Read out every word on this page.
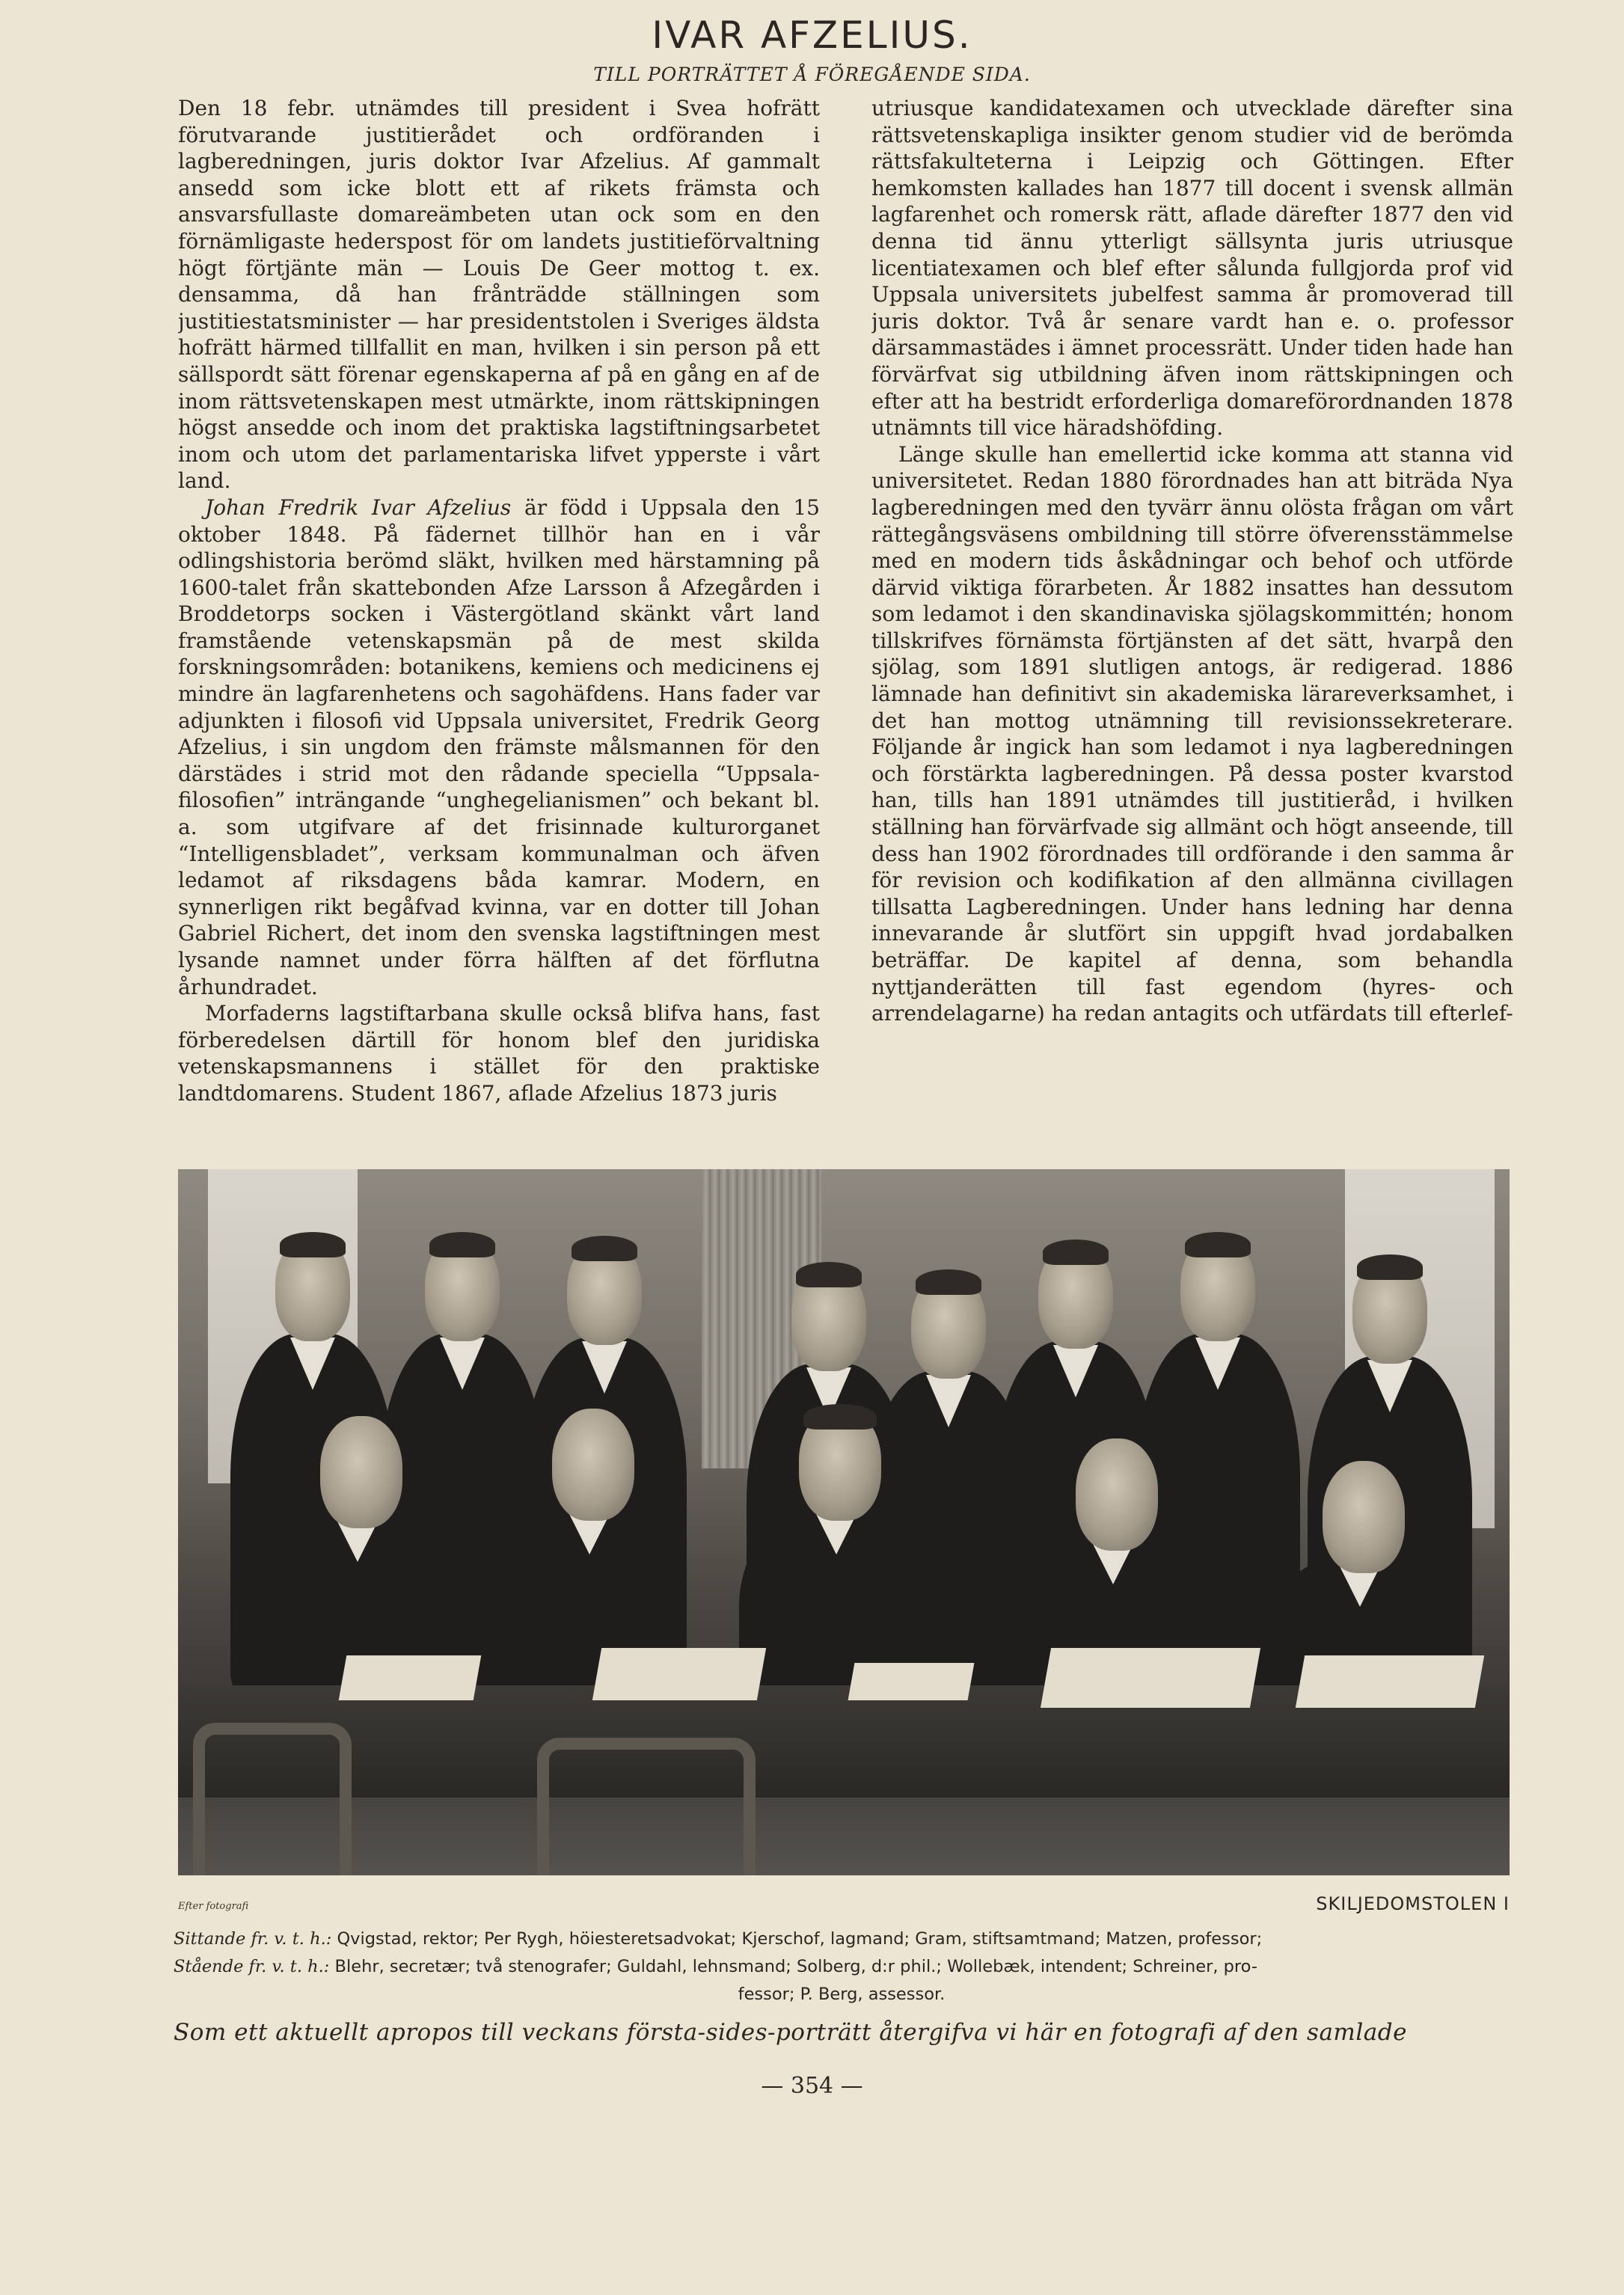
IVAR AFZELIUS.
TILL PORTRÄTTET Å FÖREGÅENDE SIDA.

Den 18 febr. utnämdes till president i Svea hofrätt förutvarande justitierådet och ordföranden i lagberedningen, juris doktor Ivar Afzelius. Af gammalt ansedd som icke blott ett af rikets främsta och ansvarsfullaste domareämbeten utan ock som en den förnämligaste hederspost för om landets justitieförvaltning högt förtjänte män — Louis De Geer mottog t. ex. densamma, då han frånträdde ställningen som justitiestatsminister — har presidentstolen i Sveriges äldsta hofrätt härmed tillfallit en man, hvilken i sin person på ett sällspordt sätt förenar egenskaperna af på en gång en af de inom rättsvetenskapen mest utmärkte, inom rättskipningen högst ansedde och inom det praktiska lagstiftningsarbetet inom och utom det parlamentariska lifvet ypperste i vårt land.

Johan Fredrik Ivar Afzelius är född i Uppsala den 15 oktober 1848. På fädernet tillhör han en i vår odlingshistoria berömd släkt, hvilken med härstamning på 1600-talet från skattebonden Afze Larsson å Afzegården i Broddetorps socken i Västergötland skänkt vårt land framstående vetenskapsmän på de mest skilda forskningsområden: botanikens, kemiens och medicinens ej mindre än lagfarenhetens och sagohäfdens. Hans fader var adjunkten i filosofi vid Uppsala universitet, Fredrik Georg Afzelius, i sin ungdom den främste målsmannen för den därstädes i strid mot den rådande speciella “Uppsala-filosofien” inträngande “unghegelianismen” och bekant bl. a. som utgifvare af det frisinnade kulturorganet “Intelligensbladet”, verksam kommunalman och äfven ledamot af riksdagens båda kamrar. Modern, en synnerligen rikt begåfvad kvinna, var en dotter till Johan Gabriel Richert, det inom den svenska lagstiftningen mest lysande namnet under förra hälften af det förflutna århundradet.

Morfaderns lagstiftarbana skulle också blifva hans, fast förberedelsen därtill för honom blef den juridiska vetenskapsmannens i stället för den praktiske landtdomarens. Student 1867, aflade Afzelius 1873 juris

utriusque kandidatexamen och utvecklade därefter sina rättsvetenskapliga insikter genom studier vid de berömda rättsfakulteterna i Leipzig och Göttingen. Efter hemkomsten kallades han 1877 till docent i svensk allmän lagfarenhet och romersk rätt, aflade därefter 1877 den vid denna tid ännu ytterligt sällsynta juris utriusque licentiatexamen och blef efter sålunda fullgjorda prof vid Uppsala universitets jubelfest samma år promoverad till juris doktor. Två år senare vardt han e. o. professor därsammastädes i ämnet processrätt. Under tiden hade han förvärfvat sig utbildning äfven inom rättskipningen och efter att ha bestridt erforderliga domareförordnanden 1878 utnämnts till vice häradshöfding.

Länge skulle han emellertid icke komma att stanna vid universitetet. Redan 1880 förordnades han att biträda Nya lagberedningen med den tyvärr ännu olösta frågan om vårt rättegångsväsens ombildning till större öfverensstämmelse med en modern tids åskådningar och behof och utförde därvid viktiga förarbeten. År 1882 insattes han dessutom som ledamot i den skandinaviska sjölagskommittén; honom tillskrifves förnämsta förtjänsten af det sätt, hvarpå den sjölag, som 1891 slutligen antogs, är redigerad. 1886 lämnade han definitivt sin akademiska lärareverksamhet, i det han mottog utnämning till revisionssekreterare. Följande år ingick han som ledamot i nya lagberedningen och förstärkta lagberedningen. På dessa poster kvarstod han, tills han 1891 utnämdes till justitieråd, i hvilken ställning han förvärfvade sig allmänt och högt anseende, till dess han 1902 förordnades till ordförande i den samma år för revision och kodifikation af den allmänna civillagen tillsatta Lagberedningen. Under hans ledning har denna innevarande år slutfört sin uppgift hvad jordabalken beträffar. De kapitel af denna, som behandla nyttjanderätten till fast egendom (hyres- och arrendelagarne) ha redan antagits och utfärdats till efterlef-

Efter fotografi	SKILJEDOMSTOLEN I
Sittande fr. v. t. h.: Qvigstad, rektor; Per Rygh, höiesteretsadvokat; Kjerschof, lagmand; Gram, stiftsamtmand; Matzen, professor;
Stående fr. v. t. h.: Blehr, secretær; två stenografer; Guldahl, lehnsmand; Solberg, d:r phil.; Wollebæk, intendent; Schreiner, pro-
fessor; P. Berg, assessor.
Som ett aktuellt apropos till veckans första-sides-porträtt återgifva vi här en fotografi af den samlade
— 354 —
